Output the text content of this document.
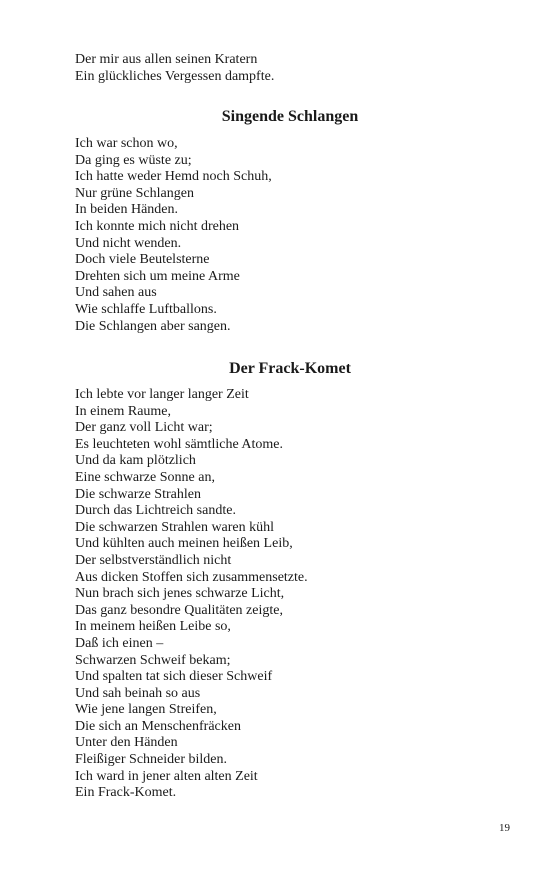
Der mir aus allen seinen Kratern
Ein glückliches Vergessen dampfte.
Singende Schlangen
Ich war schon wo,
Da ging es wüste zu;
Ich hatte weder Hemd noch Schuh,
Nur grüne Schlangen
In beiden Händen.
Ich konnte mich nicht drehen
Und nicht wenden.
Doch viele Beutelsterne
Drehten sich um meine Arme
Und sahen aus
Wie schlaffe Luftballons.
Die Schlangen aber sangen.
Der Frack-Komet
Ich lebte vor langer langer Zeit
In einem Raume,
Der ganz voll Licht war;
Es leuchteten wohl sämtliche Atome.
Und da kam plötzlich
Eine schwarze Sonne an,
Die schwarze Strahlen
Durch das Lichtreich sandte.
Die schwarzen Strahlen waren kühl
Und kühlten auch meinen heißen Leib,
Der selbstverständlich nicht
Aus dicken Stoffen sich zusammensetzte.
Nun brach sich jenes schwarze Licht,
Das ganz besondre Qualitäten zeigte,
In meinem heißen Leibe so,
Daß ich einen –
Schwarzen Schweif bekam;
Und spalten tat sich dieser Schweif
Und sah beinah so aus
Wie jene langen Streifen,
Die sich an Menschenfräcken
Unter den Händen
Fleißiger Schneider bilden.
Ich ward in jener alten alten Zeit
Ein Frack-Komet.
19
